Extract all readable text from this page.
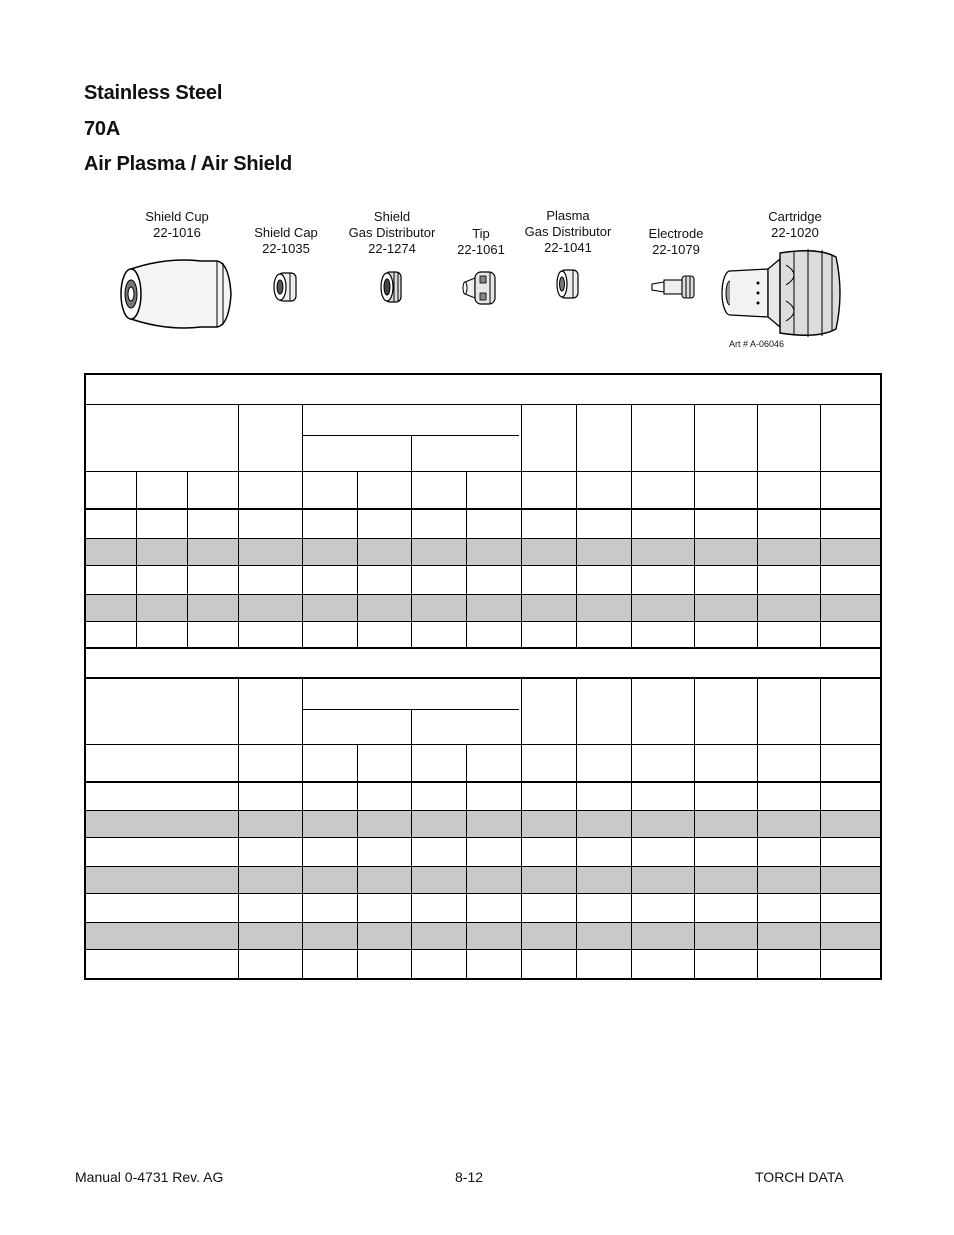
Stainless Steel
70A
Air Plasma / Air Shield
Shield Cup
22-1016	Shield Cap
22-1035
Shield
Gas Distributor
22-1274
Tip
22-1061
Plasma
Gas Distributor
22-1041
Electrode
22-1079
Cartridge
22-1020
Art # A-06046
Manual 0-4731 Rev. AG	8-12	TORCH DATA
